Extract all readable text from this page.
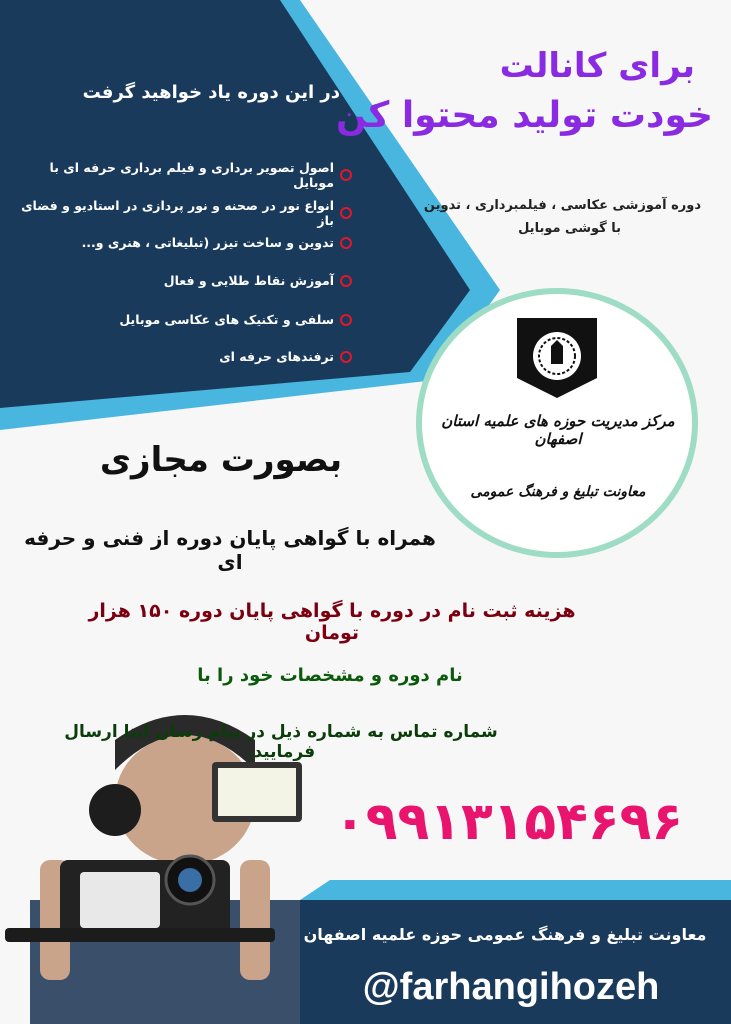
برای کانالت
خودت تولید محتوا کن
دوره آموزشی عکاسی ، فیلمبرداری ، تدوین
با گوشی موبایل
در این دوره یاد خواهید گرفت
اصول تصویر برداری و فیلم برداری حرفه ای با موبایل
انواع نور در صحنه و نور پردازی در استادیو و فضای باز
تدوین و ساخت تیزر (تبلیغاتی ، هنری و...
آموزش نقاط طلایی و فعال
سلفی و تکنیک های عکاسی موبایل
ترفندهای حرفه ای
مرکز مدیریت حوزه های علمیه استان اصفهان
معاونت تبلیغ و فرهنگ عمومی
بصورت مجازی
همراه با گواهی پایان دوره از فنی و حرفه ای
هزینه ثبت نام در دوره با گواهی پایان دوره ۱۵۰ هزار تومان
نام دوره و مشخصات خود را با
شماره تماس به شماره ذیل در پیام رسان ایتا ارسال فرمایید.
۰۹۹۱۳۱۵۴۶۹۶
معاونت تبلیغ و فرهنگ عمومی حوزه علمیه اصفهان
@farhangihozeh
